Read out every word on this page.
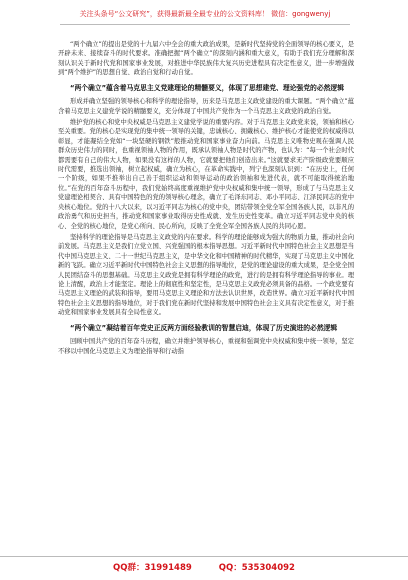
关注头条号“公文研究”，获得最新最全最专业的公文资料库！ 微信：gongwenyj

“两个确立”的提出是党的十九届六中全会的重大政治成果，是新时代坚持党的全面领导的核心要义，是开辟未来、接续奋斗的时代要求。准确把握“两个确立”的深刻内涵和重大意义，有助于我们充分理解和深刻认识关于新时代党和国家事业发展，对推进中华民族伟大复兴历史进程具有决定性意义，进一步增强做到“两个维护”的思想自觉、政治自觉和行动自觉。

“两个确立”蕴含着马克思主义党建理论的精髓要义，体现了思想建党、理论强党的必然逻辑

形成并确立坚强的领导核心和科学的理论指导，历来是马克思主义政党建设的重大课题。“两个确立”蕴含着马克思主义建党学说的精髓要义，充分体现了中国共产党作为一个马克思主义政党的政治自觉。

维护党的核心和党中央权威是马克思主义建党学说的重要内容。对于马克思主义政党来说，领袖和核心至关重要。党的核心是实现党的集中统一领导的关键，忠诚核心、拥戴核心、维护核心才能使党的权威得以彰显，才能凝结全党如“一块坚硬的钢铁”般推动党和国家事业奋力向前。马克思主义唯物史观在强调人民群众历史伟力的同时，也重视领袖人物的作用，既承认领袖人物是时代的产物，也认为：“每一个社会时代都需要有自己的伟大人物，如果没有这样的人物，它就要把他们创造出来。”这就要求无产阶级政党要顺应时代需要，推选出领袖，树立起权威，确立为核心，在革命实践中，列宁也深刻认识到：“在历史上，任何一个阶级，如果不推举出自己善于组织运动和领导运动的政治领袖和先进代表，就不可能取得统治地位。”在党的百年奋斗历程中，我们党始终高度重视维护党中央权威和集中统一领导，形成了与马克思主义党建理论相契合、具有中国特色的党的领导核心理念，确立了毛泽东同志、邓小平同志、江泽民同志的党中央核心地位。党的十八大以来，以习近平同志为核心的党中央，团结带领全党全军全国各族人民，以非凡的政治勇气和历史担当，推动党和国家事业取得历史性成就、发生历史性变革。确立习近平同志党中央的核心、全党的核心地位，是党心所向、民心所向，反映了全党全军全国各族人民的共同心愿。

坚持科学的理论指导是马克思主义政党的内在要求。科学的理论能够成为强大的物质力量，推动社会向前发展。马克思主义是我们立党立国、兴党强国的根本指导思想。习近平新时代中国特色社会主义思想是当代中国马克思主义、二十一世纪马克思主义，是中华文化和中国精神的时代精华，实现了马克思主义中国化新的飞跃。确立习近平新时代中国特色社会主义思想的指导地位，是党的理论建设的重大成果，是全党全国人民团结奋斗的思想基础。马克思主义政党是拥有科学理论的政党，进行的是拥有科学理论指导的事业。理论上清醒，政治上才能坚定。理论上的彻底性和坚定性，是马克思主义政党必须具备的品格。一个政党要有马克思主义理论的武装和指导，要用马克思主义理论和方法去认识世界，改造世界。确立习近平新时代中国特色社会主义思想的指导地位，对于我们党在新时代坚持和发展中国特色社会主义具有决定性意义，对于推动党和国家事业发展具有全局性意义。

“两个确立”凝结着百年党史正反两方面经验教训的智慧启迪，体现了历史演进的必然逻辑

回顾中国共产党的百年奋斗历程，确立并维护领导核心，重视和强调党中央权威和集中统一领导，坚定不移以中国化马克思主义为理论指导和行动指

QQ群：31991489	QQ：535304092
